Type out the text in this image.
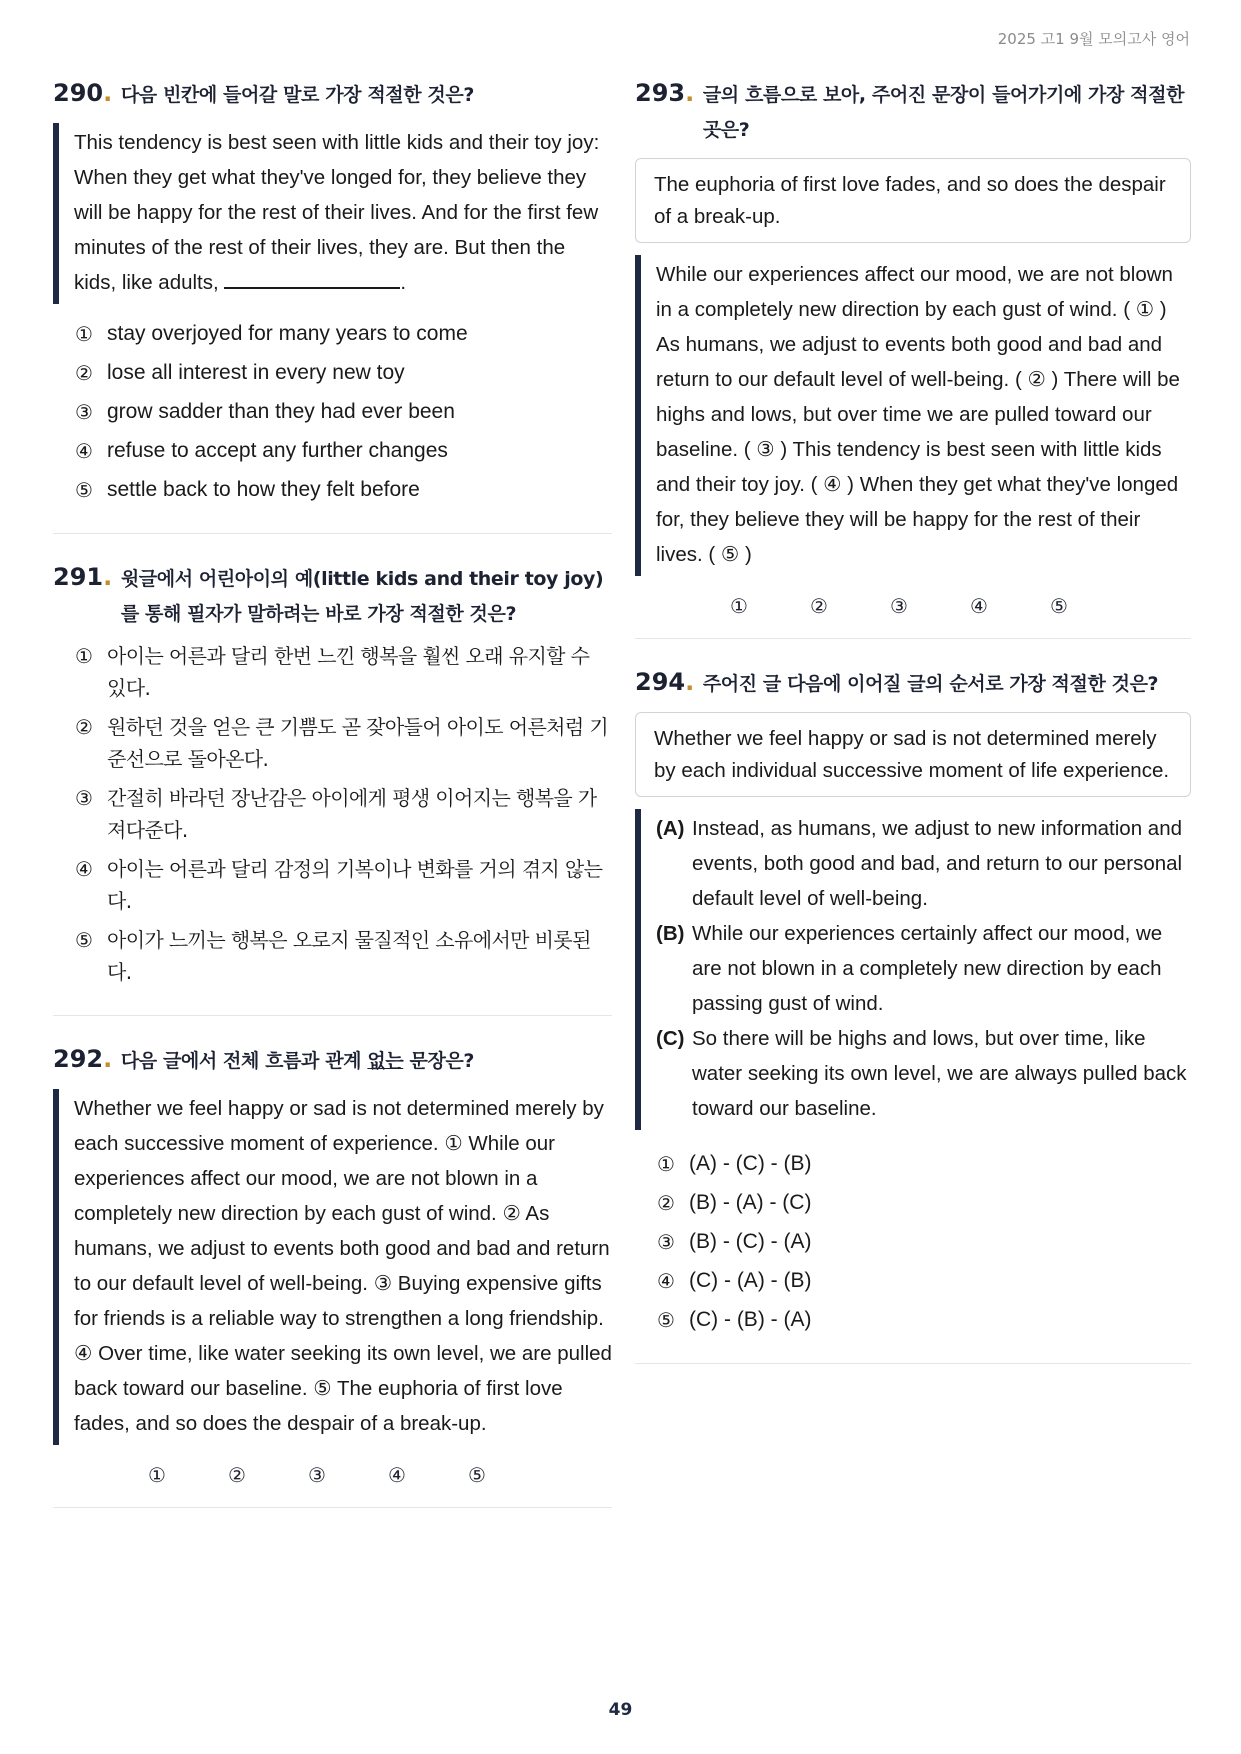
2025 고1 9월 모의고사 영어
290 . 다음 빈칸에 들어갈 말로 가장 적절한 것은?
This tendency is best seen with little kids and their toy joy: When they get what they've longed for, they believe they will be happy for the rest of their lives. And for the first few minutes of the rest of their lives, they are. But then the kids, like adults,	.
① stay overjoyed for many years to come
② lose all interest in every new toy
③ grow sadder than they had ever been
④ refuse to accept any further changes
⑤ settle back to how they felt before
291 . 윗글에서 어린아이의 예(little kids and their toy joy)를 통해 필자가 말하려는 바로 가장 적절한 것은?
① 아이는 어른과 달리 한번 느낀 행복을 훨씬 오래 유지할 수 있다.
② 원하던 것을 얻은 큰 기쁨도 곧 잦아들어 아이도 어른처럼 기준선으로 돌아온다.
③ 간절히 바라던 장난감은 아이에게 평생 이어지는 행복을 가져다준다.
④ 아이는 어른과 달리 감정의 기복이나 변화를 거의 겪지 않는다.
⑤ 아이가 느끼는 행복은 오로지 물질적인 소유에서만 비롯된다.
292 . 다음 글에서 전체 흐름과 관계 없는 문장은?
Whether we feel happy or sad is not determined merely by each successive moment of experience. ① While our experiences affect our mood, we are not blown in a completely new direction by each gust of wind. ② As humans, we adjust to events both good and bad and return to our default level of well-being. ③ Buying expensive gifts for friends is a reliable way to strengthen a long friendship. ④ Over time, like water seeking its own level, we are pulled back toward our baseline. ⑤ The euphoria of first love fades, and so does the despair of a break-up.
①	②	③	④	⑤
293 . 글의 흐름으로 보아, 주어진 문장이 들어가기에 가장 적절한 곳은?
The euphoria of first love fades, and so does the despair of a break-up.
While our experiences affect our mood, we are not blown in a completely new direction by each gust of wind. ( ① ) As humans, we adjust to events both good and bad and return to our default level of well-being. ( ② ) There will be highs and lows, but over time we are pulled toward our baseline. ( ③ ) This tendency is best seen with little kids and their toy joy. ( ④ ) When they get what they've longed for, they believe they will be happy for the rest of their lives. ( ⑤ )
①	②	③	④	⑤
294 . 주어진 글 다음에 이어질 글의 순서로 가장 적절한 것은?
Whether we feel happy or sad is not determined merely by each individual successive moment of life experience.
(A) Instead, as humans, we adjust to new information and events, both good and bad, and return to our personal default level of well-being.
(B) While our experiences certainly affect our mood, we are not blown in a completely new direction by each passing gust of wind.
(C) So there will be highs and lows, but over time, like water seeking its own level, we are always pulled back toward our baseline.
① (A) - (C) - (B)
② (B) - (A) - (C)
③ (B) - (C) - (A)
④ (C) - (A) - (B)
⑤ (C) - (B) - (A)
49
